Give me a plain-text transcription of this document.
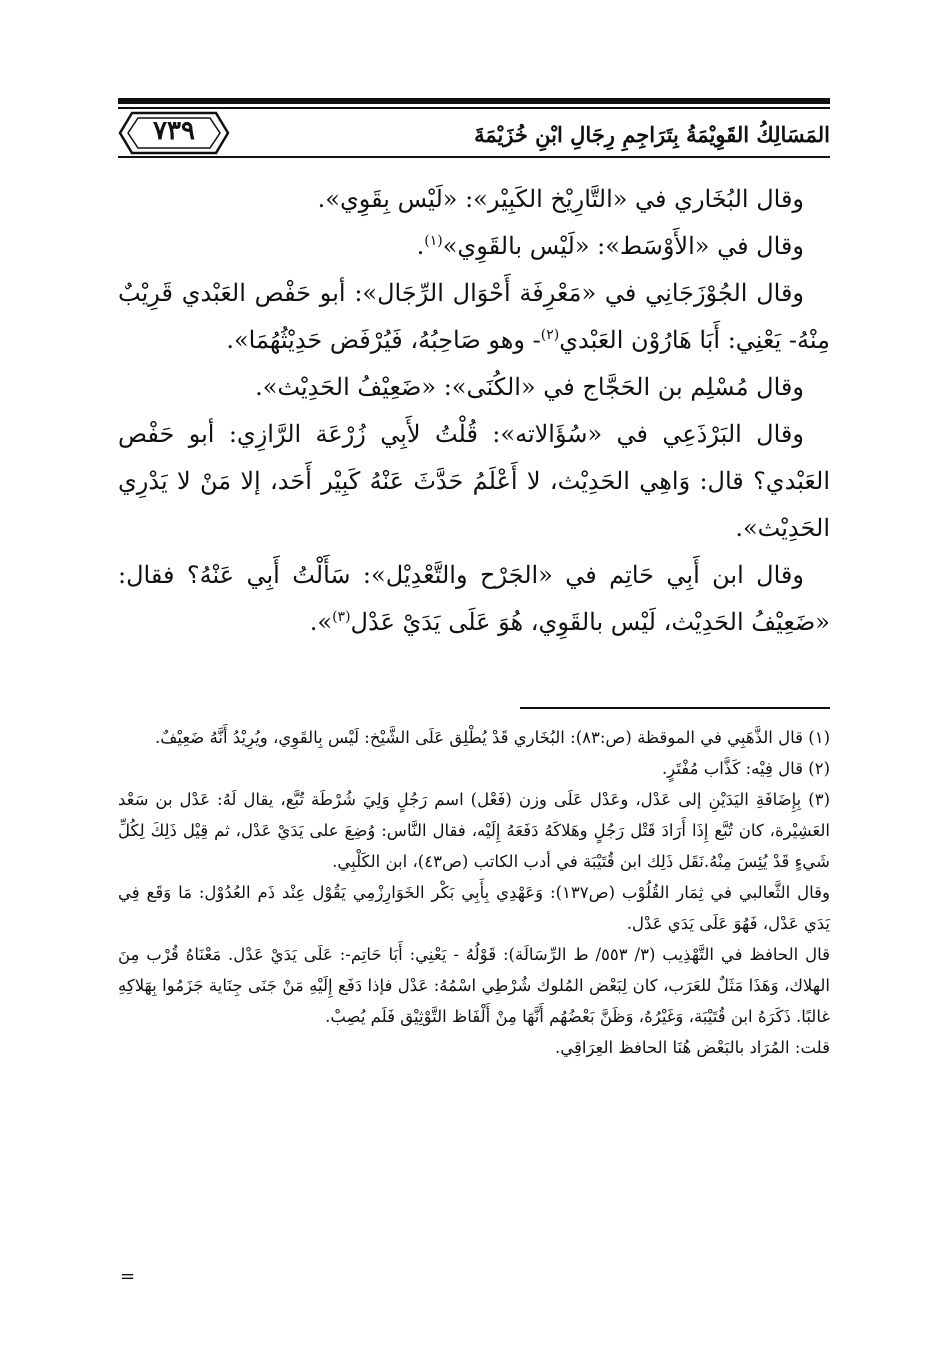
المَسَالِكُ القَوِيْمَةُ بِتَرَاجِمِ رِجَالِ ابْنِ خُزَيْمَةَ
٧٣٩

وقال البُخَاري في «التَّارِيْخ الكَبِيْر»: «لَيْس بِقَوِي».

وقال في «الأَوْسَط»: «لَيْس بالقَوِي»$^{(١)}$.

وقال الجُوْزَجَانِي في «مَعْرِفَة أَحْوَال الرِّجَال»: أبو حَفْص العَبْدي قَرِيْبٌ مِنْهُ- يَعْنِي: أَبَا هَارُوْن العَبْدي$^{(٢)}$- وهو صَاحِبُهُ، فَيُرْفَض حَدِيْثُهُمَا».

وقال مُسْلِم بن الحَجَّاج في «الكُنَى»: «ضَعِيْفُ الحَدِيْث».

وقال البَرْذَعِي في «سُؤَالاته»: قُلْتُ لأَبِي زُرْعَة الرَّازِي: أبو حَفْص العَبْدي؟ قال: وَاهِي الحَدِيْث، لا أَعْلَمُ حَدَّثَ عَنْهُ كَبِيْر أَحَد، إلا مَنْ لا يَدْرِي الحَدِيْث».

وقال ابن أَبِي حَاتِم في «الجَرْح والتَّعْدِيْل»: سَأَلْتُ أَبِي عَنْهُ؟ فقال: «ضَعِيْفُ الحَدِيْث، لَيْس بالقَوِي، هُوَ عَلَى يَدَيْ عَدْل$^{(٣)}$».

(١) قال الذَّهَبِي في الموقظة (ص:٨٣): البُخَاري قَدْ يُطْلِق عَلَى الشَّيْخ: لَيْس بِالقَوِي، ويُرِيْدُ أَنَّهُ ضَعِيْفٌ.

(٢) قال فِيْه: كَذَّاب مُفْتَرٍ.

(٣) بِإِضَافَةِ اليَدَيْنِ إلى عَدْل، وعَدْل عَلَى وزن (فَعْل) اسم رَجُلٍ وَلِيَ شُرْطَة تُبَّع، يقال لَهُ: عَدْل بن سَعْد العَشِيْرة، كان تُبَّع إِذَا أَرَادَ قَتْل رَجُلٍ وهَلاكَهُ دَفَعَهُ إِلَيْه، فقال النَّاس: وُضِعَ على يَدَيْ عَدْل، ثم قِيْل ذَلِكَ لِكُلِّ شَيءٍ قَدْ يُئِسَ مِنْهُ.نَقَل ذَلِك ابن قُتَيْبَة في أدب الكاتب (ص٤٣)، ابن الكَلْبِي.

وقال الثَّعالبي في ثِمَار القُلُوْب (ص١٣٧): وَعَهْدِي بِأَبِي بَكْر الخَوَارِزْمِي يَقُوْل عِنْد ذَم العُدُوْل: مَا وَقَع فِي يَدَي عَدْل، فَهُوَ عَلَى يَدَي عَدْل.

قال الحافظ في التَّهْذِيب (٣/ ٥٥٣/ ط الرِّسَالَة): قَوْلُهُ - يَعْنِي: أَبَا حَاتِم-: عَلَى يَدَيْ عَدْل. مَعْنَاهُ قُرْب مِنَ الهلاك، وَهَذَا مَثَلٌ للعَرَب، كان لِبَعْض المُلوك شُرْطِي اسْمُهُ: عَدْل فإذا دَفَع إِلَيْهِ مَنْ جَنَى جِنَاية جَزَمُوا بِهَلاكِهِ غالبًا. ذَكَرَهُ ابن قُتَيْبَة، وَغَيْرُهُ، وَظَنَّ بَعْضُهُم أَنَّهَا مِنْ أَلْفَاظ التَّوْثِيْق فَلَم يُصِبْ.

قلت: المُرَاد بالبَعْض هُنَا الحافظ العِرَاقِي.

=
